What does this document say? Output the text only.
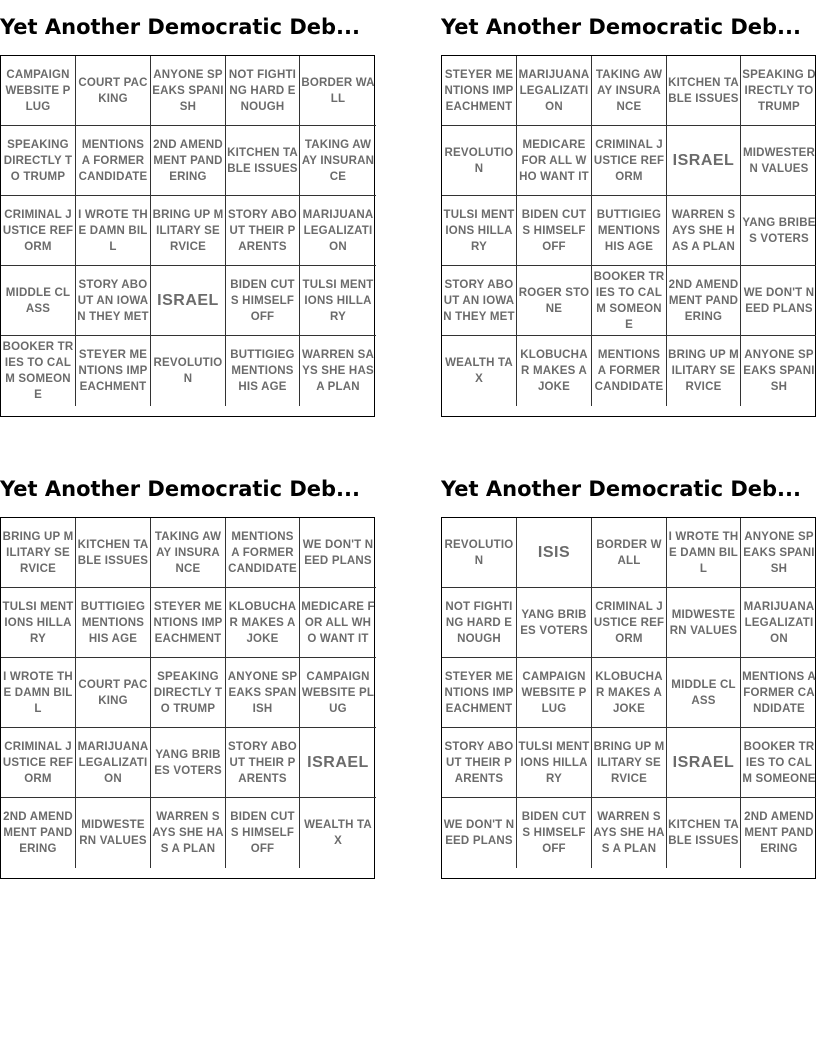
Yet Another Democratic Deb...
CAMPAIGN WEBSITE PLUG
COURT PACKING
ANYONE SPEAKS SPANISH
NOT FIGHTING HARD ENOUGH
BORDER WALL
SPEAKING DIRECTLY TO TRUMP
MENTIONS A FORMER CANDIDATE
2ND AMENDMENT PANDERING
KITCHEN TABLE ISSUES
TAKING AWAY INSURANCE
CRIMINAL JUSTICE REFORM
I WROTE THE DAMN BILL
BRING UP MILITARY SERVICE
STORY ABOUT THEIR PARENTS
MARIJUANA LEGALIZATION
MIDDLE CLASS
STORY ABOUT AN IOWAN THEY MET
ISRAEL
BIDEN CUTS HIMSELF OFF
TULSI MENTIONS HILLARY
BOOKER TRIES TO CALM SOMEONE
STEYER MENTIONS IMPEACHMENT
REVOLUTION
BUTTIGIEG MENTIONS HIS AGE
WARREN SAYS SHE HAS A PLAN
Yet Another Democratic Deb...
STEYER MENTIONS IMPEACHMENT
MARIJUANA LEGALIZATION
TAKING AWAY INSURANCE
KITCHEN TABLE ISSUES
SPEAKING DIRECTLY TO TRUMP
REVOLUTION
MEDICARE FOR ALL WHO WANT IT
CRIMINAL JUSTICE REFORM
ISRAEL MIDWESTERN VALUES
TULSI MENTIONS HILLARY
BIDEN CUTS HIMSELF OFF
BUTTIGIEG MENTIONS HIS AGE
WARREN SAYS SHE HAS A PLAN
YANG BRIBES VOTERS
STORY ABOUT AN IOWAN THEY MET
ROGER STONE
BOOKER TRIES TO CALM SOMEONE
2ND AMENDMENT PANDERING
WE DON'T NEED PLANS
WEALTH TAX
KLOBUCHAR MAKES A JOKE
MENTIONS A FORMER CANDIDATE
BRING UP MILITARY SERVICE
ANYONE SPEAKS SPANISH
Yet Another Democratic Deb...
BRING UP MILITARY SERVICE
KITCHEN TABLE ISSUES
TAKING AWAY INSURANCE
MENTIONS A FORMER CANDIDATE
WE DON'T NEED PLANS
TULSI MENTIONS HILLARY
BUTTIGIEG MENTIONS HIS AGE
STEYER MENTIONS IMPEACHMENT
KLOBUCHAR MAKES A JOKE
MEDICARE FOR ALL WHO WANT IT
I WROTE THE DAMN BILL
COURT PACKING
SPEAKING DIRECTLY TO TRUMP
ANYONE SPEAKS SPANISH
CAMPAIGN WEBSITE PLUG
CRIMINAL JUSTICE REFORM
MARIJUANA LEGALIZATION
YANG BRIBES VOTERS
STORY ABOUT THEIR PARENTS
ISRAEL
2ND AMENDMENT PANDERING
MIDWESTERN VALUES
WARREN SAYS SHE HAS A PLAN
BIDEN CUTS HIMSELF OFF
WEALTH TAX
Yet Another Democratic Deb...
REVOLUTION	ISIS BORDER WALL
I WROTE THE DAMN BILL
ANYONE SPEAKS SPANISH
NOT FIGHTING HARD ENOUGH
YANG BRIBES VOTERS
CRIMINAL JUSTICE REFORM
MIDWESTERN VALUES
MARIJUANA LEGALIZATION
STEYER MENTIONS IMPEACHMENT
CAMPAIGN WEBSITE PLUG
KLOBUCHAR MAKES A JOKE
MIDDLE CLASS
MENTIONS A FORMER CANDIDATE
STORY ABOUT THEIR PARENTS
TULSI MENTIONS HILLARY
BRING UP MILITARY SERVICE
ISRAEL
BOOKER TRIES TO CALM SOMEONE
WE DON'T NEED PLANS
BIDEN CUTS HIMSELF OFF
WARREN SAYS SHE HAS A PLAN
KITCHEN TABLE ISSUES
2ND AMENDMENT PANDERING
